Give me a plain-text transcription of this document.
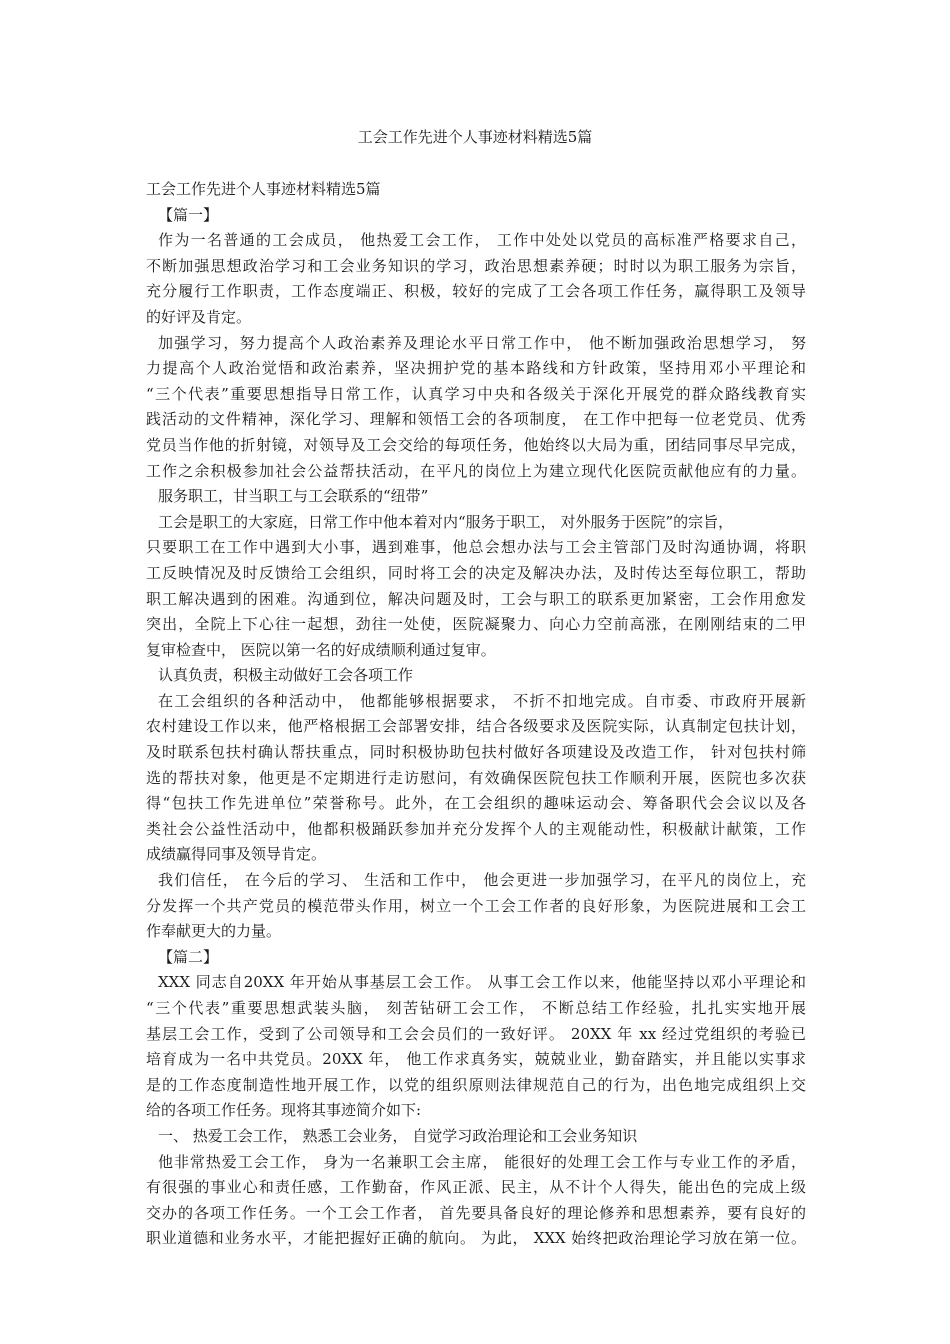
工会工作先进个人事迹材料精选5篇
工会工作先进个人事迹材料精选5篇
【篇一】
作为一名普通的工会成员， 他热爱工会工作， 工作中处处以党员的高标准严格要求自己，
不断加强思想政治学习和工会业务知识的学习，政治思想素养硬；时时以为职工服务为宗旨，
充分履行工作职责，工作态度端正、积极，较好的完成了工会各项工作任务，赢得职工及领导
的好评及肯定。
加强学习，努力提高个人政治素养及理论水平日常工作中， 他不断加强政治思想学习， 努
力提高个人政治觉悟和政治素养，坚决拥护党的基本路线和方针政策，坚持用邓小平理论和
“三个代表”重要思想指导日常工作，认真学习中央和各级关于深化开展党的群众路线教育实
践活动的文件精神，深化学习、理解和领悟工会的各项制度， 在工作中把每一位老党员、优秀
党员当作他的折射镜，对领导及工会交给的每项任务，他始终以大局为重，团结同事尽早完成，
工作之余积极参加社会公益帮扶活动，在平凡的岗位上为建立现代化医院贡献他应有的力量。
服务职工，甘当职工与工会联系的“纽带”
工会是职工的大家庭，日常工作中他本着对内“服务于职工， 对外服务于医院”的宗旨，
只要职工在工作中遇到大小事，遇到难事，他总会想办法与工会主管部门及时沟通协调，将职
工反映情况及时反馈给工会组织，同时将工会的决定及解决办法，及时传达至每位职工，帮助
职工解决遇到的困难。沟通到位，解决问题及时，工会与职工的联系更加紧密，工会作用愈发
突出，全院上下心往一起想，劲往一处使，医院凝聚力、向心力空前高涨，在刚刚结束的二甲
复审检查中， 医院以第一名的好成绩顺利通过复审。
认真负责，积极主动做好工会各项工作
在工会组织的各种活动中， 他都能够根据要求， 不折不扣地完成。自市委、市政府开展新
农村建设工作以来，他严格根据工会部署安排，结合各级要求及医院实际，认真制定包扶计划，
及时联系包扶村确认帮扶重点，同时积极协助包扶村做好各项建设及改造工作， 针对包扶村筛
选的帮扶对象，他更是不定期进行走访慰问，有效确保医院包扶工作顺利开展，医院也多次获
得“包扶工作先进单位”荣誉称号。此外，在工会组织的趣味运动会、筹备职代会会议以及各
类社会公益性活动中，他都积极踊跃参加并充分发挥个人的主观能动性，积极献计献策，工作
成绩赢得同事及领导肯定。
我们信任， 在今后的学习、 生活和工作中， 他会更进一步加强学习，在平凡的岗位上，充
分发挥一个共产党员的模范带头作用，树立一个工会工作者的良好形象，为医院进展和工会工
作奉献更大的力量。
【篇二】
XXX 同志自20XX 年开始从事基层工会工作。 从事工会工作以来，他能坚持以邓小平理论和
“三个代表”重要思想武装头脑， 刻苦钻研工会工作， 不断总结工作经验，扎扎实实地开展
基层工会工作，受到了公司领导和工会会员们的一致好评。 20XX 年 xx 经过党组织的考验已
培育成为一名中共党员。20XX 年， 他工作求真务实，兢兢业业，勤奋踏实，并且能以实事求
是的工作态度制造性地开展工作，以党的组织原则法律规范自己的行为，出色地完成组织上交
给的各项工作任务。现将其事迹简介如下:
一、 热爱工会工作， 熟悉工会业务， 自觉学习政治理论和工会业务知识
他非常热爱工会工作， 身为一名兼职工会主席， 能很好的处理工会工作与专业工作的矛盾，
有很强的事业心和责任感，工作勤奋，作风正派、民主，从不计个人得失，能出色的完成上级
交办的各项工作任务。一个工会工作者， 首先要具备良好的理论修养和思想素养，要有良好的
职业道德和业务水平，才能把握好正确的航向。 为此， XXX 始终把政治理论学习放在第一位。
